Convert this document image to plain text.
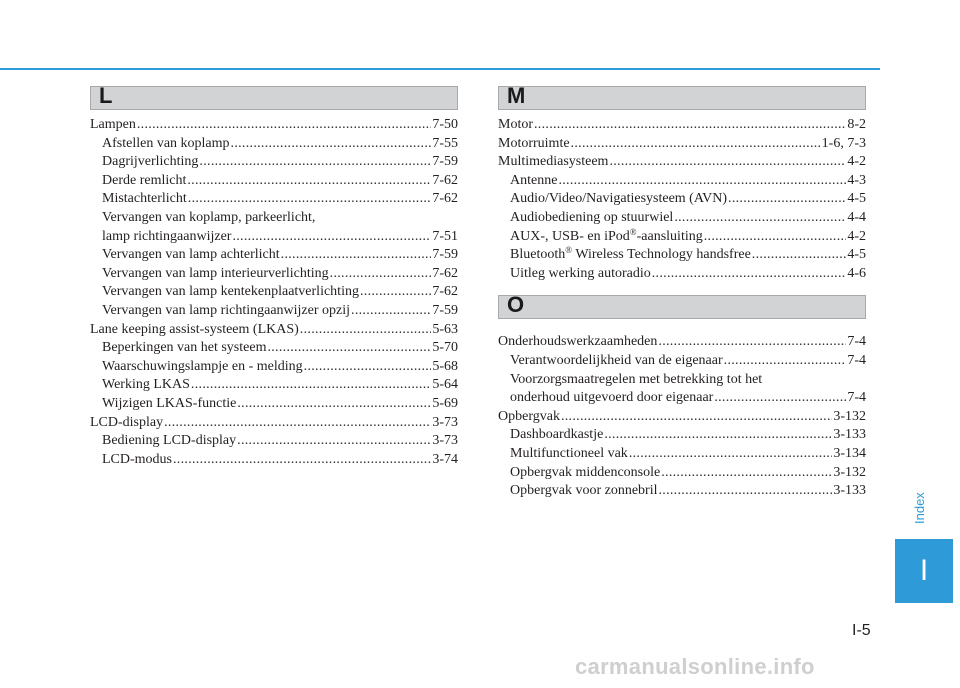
L
Lampen .....	7-50
Afstellen van koplamp .....	7-55
Dagrijverlichting .....	7-59
Derde remlicht .....	7-62
Mistachterlicht .....	7-62
Vervangen van koplamp, parkeerlicht,
lamp richtingaanwijzer .....	7-51
Vervangen van lamp achterlicht .....	7-59
Vervangen van lamp interieurverlichting .....	7-62
Vervangen van lamp kentekenplaatverlichting .....	7-62
Vervangen van lamp richtingaanwijzer opzij .....	7-59
Lane keeping assist-systeem (LKAS) .....	5-63
Beperkingen van het systeem .....	5-70
Waarschuwingslampje en - melding .....	5-68
Werking LKAS .....	5-64
Wijzigen LKAS-functie .....	5-69
LCD-display .....	3-73
Bediening LCD-display .....	3-73
LCD-modus .....	3-74
M
Motor .....	8-2
Motorruimte .....	1-6, 7-3
Multimediasysteem .....	4-2
Antenne .....	4-3
Audio/Video/Navigatiesysteem (AVN) .....	4-5
Audiobediening op stuurwiel .....	4-4
AUX-, USB- en iPod®-aansluiting .....	4-2
Bluetooth® Wireless Technology handsfree .....	4-5
Uitleg werking autoradio .....	4-6
O
Onderhoudswerkzaamheden .....	7-4
Verantwoordelijkheid van de eigenaar .....	7-4
Voorzorgsmaatregelen met betrekking tot het
onderhoud uitgevoerd door eigenaar .....	7-4
Opbergvak .....	3-132
Dashboardkastje .....	3-133
Multifunctioneel vak .....	3-134
Opbergvak middenconsole .....	3-132
Opbergvak voor zonnebril .....	3-133
Index
I
I-5
carmanualsonline.info
